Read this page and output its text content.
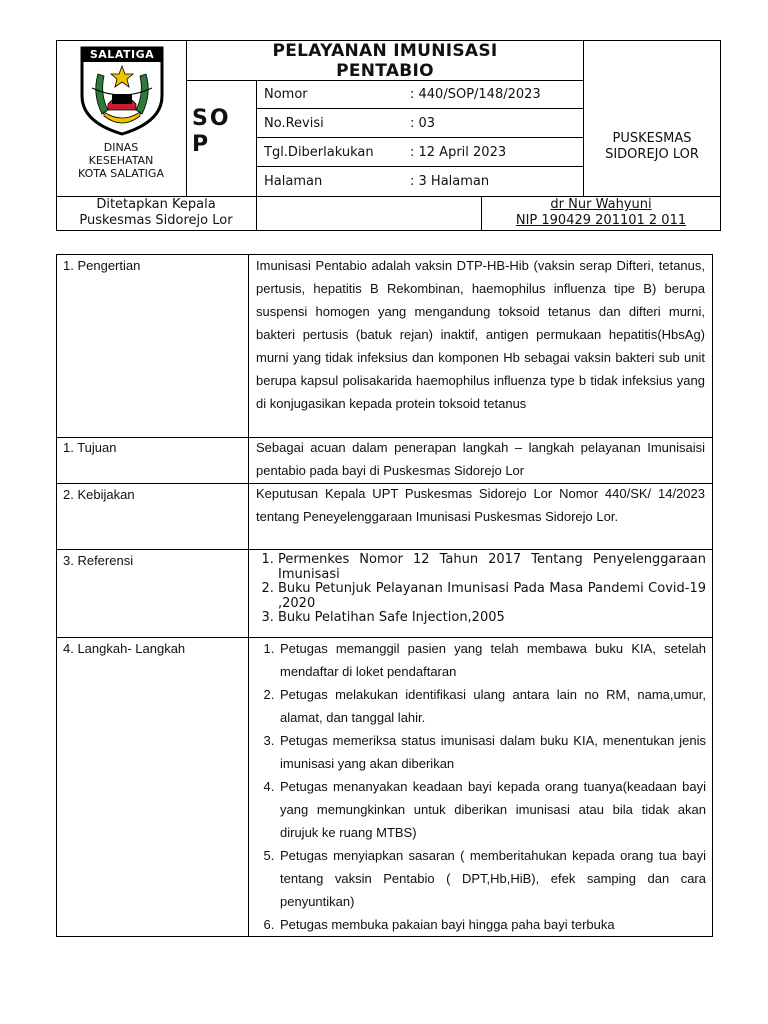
SALATIGA
DINAS
KESEHATAN
KOTA SALATIGA
PELAYANAN IMUNISASI PENTABIO
SO P
Nomor	: 440/SOP/148/2023
No.Revisi	: 03
Tgl.Diberlakukan	: 12 April 2023
Halaman	: 3 Halaman
PUSKESMAS
SIDOREJO LOR
Ditetapkan Kepala
Puskesmas Sidorejo Lor
dr Nur Wahyuni
NIP 190429 201101 2 011
1. Pengertian	Imunisasi Pentabio adalah vaksin DTP-HB-Hib (vaksin serap Difteri, tetanus, pertusis, hepatitis B Rekombinan, haemophilus influenza tipe B) berupa suspensi homogen yang mengandung toksoid tetanus dan difteri murni, bakteri pertusis (batuk rejan) inaktif, antigen permukaan hepatitis(HbsAg) murni yang tidak infeksius dan komponen Hb sebagai vaksin bakteri sub unit berupa kapsul polisakarida haemophilus influenza type b tidak infeksius yang di konjugasikan kepada protein toksoid tetanus
1. Tujuan	Sebagai acuan dalam penerapan langkah – langkah pelayanan Imunisaisi pentabio pada bayi di Puskesmas Sidorejo Lor
2. Kebijakan	Keputusan Kepala UPT Puskesmas Sidorejo Lor Nomor 440/SK/ 14/2023 tentang Peneyelenggaraan Imunisasi Puskesmas Sidorejo Lor.
3. Referensi	1. Permenkes Nomor 12 Tahun 2017 Tentang Penyelenggaraan Imunisasi
2. Buku Petunjuk Pelayanan Imunisasi Pada Masa Pandemi Covid-19 ,2020
3. Buku Pelatihan Safe Injection,2005
4. Langkah- Langkah	1. Petugas memanggil pasien yang telah membawa buku KIA, setelah mendaftar di loket pendaftaran
2. Petugas melakukan identifikasi ulang antara lain no RM, nama,umur, alamat, dan tanggal lahir.
3. Petugas memeriksa status imunisasi dalam buku KIA, menentukan jenis imunisasi yang akan diberikan
4. Petugas menanyakan keadaan bayi kepada orang tuanya(keadaan bayi yang memungkinkan untuk diberikan imunisasi atau bila tidak akan dirujuk ke ruang MTBS)
5. Petugas menyiapkan sasaran ( memberitahukan kepada orang tua bayi tentang vaksin Pentabio ( DPT,Hb,HiB), efek samping dan cara penyuntikan)
6. Petugas membuka pakaian bayi hingga paha bayi terbuka
